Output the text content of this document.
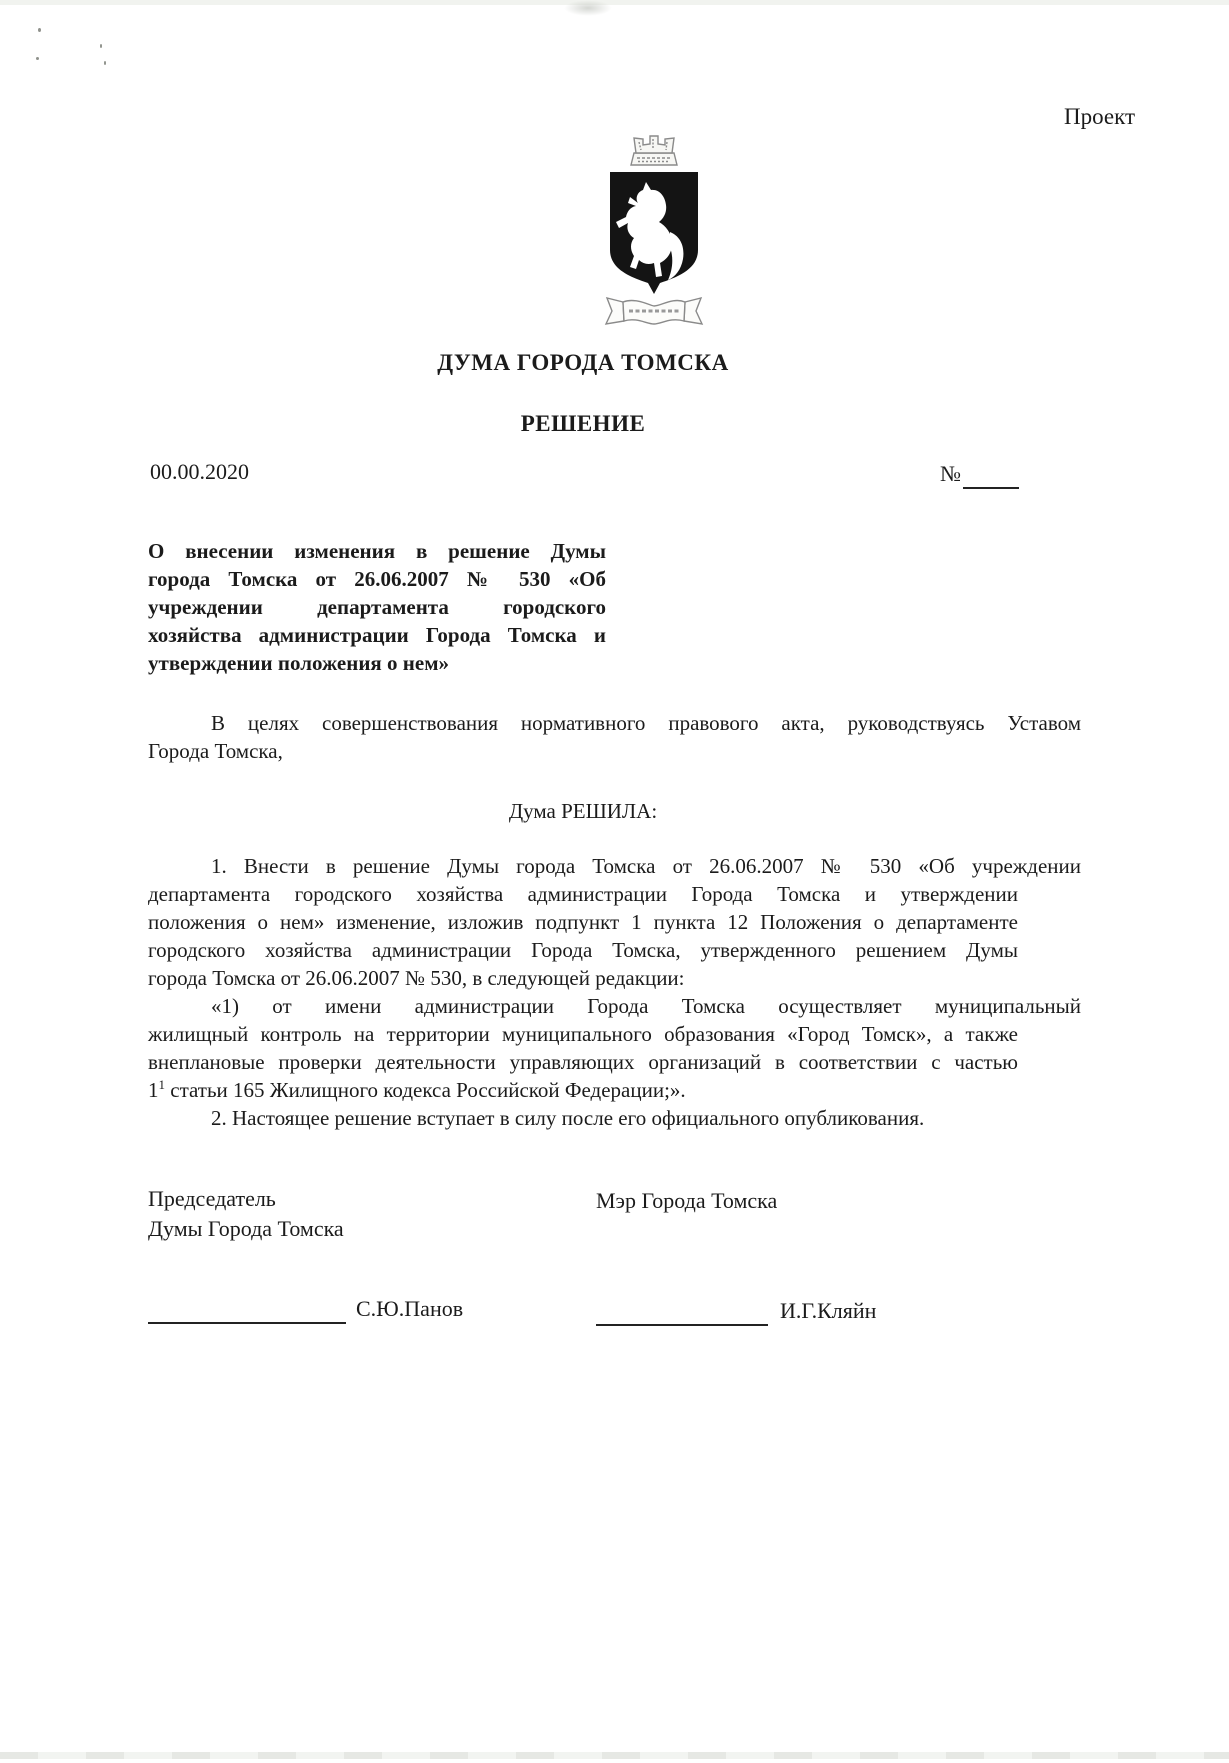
Проект
ДУМА ГОРОДА ТОМСКА
РЕШЕНИЕ
00.00.2020	№
О внесении изменения в решение Думы
города Томска от 26.06.2007 № 530 «Об
учреждении департамента городского
хозяйства администрации Города Томска и
утверждении положения о нем»
В целях совершенствования нормативного правового акта, руководствуясь Уставом
Города Томска,
Дума РЕШИЛА:
1. Внести в решение Думы города Томска от 26.06.2007 № 530 «Об учреждении
департамента городского хозяйства администрации Города Томска и утверждении
положения о нем» изменение, изложив подпункт 1 пункта 12 Положения о департаменте
городского хозяйства администрации Города Томска, утвержденного решением Думы
города Томска от 26.06.2007 № 530, в следующей редакции:
«1) от имени администрации Города Томска осуществляет муниципальный
жилищный контроль на территории муниципального образования «Город Томск», а также
внеплановые проверки деятельности управляющих организаций в соответствии с частью
$1^1$ статьи 165 Жилищного кодекса Российской Федерации;».
2. Настоящее решение вступает в силу после его официального опубликования.
Председатель
Думы Города Томска
Мэр Города Томска
С.Ю.Панов	И.Г.Кляйн
